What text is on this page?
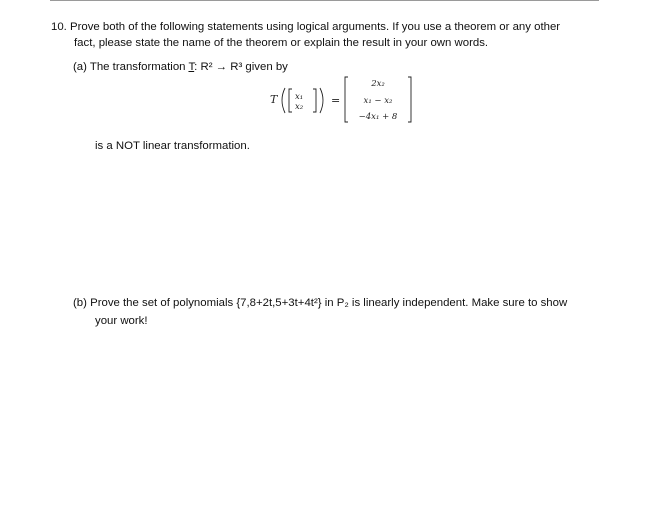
10. Prove both of the following statements using logical arguments. If you use a theorem or any other
fact, please state the name of the theorem or explain the result in your own words.
(a) The transformation T: R² → R³ given by
T x₁
x₂	=
2x₂
x₁ − x₂
−4x₁ + 8
is a NOT linear transformation.
(b) Prove the set of polynomials {7,8+2t,5+3t+4t²} in P₂ is linearly independent. Make sure to show
your work!
